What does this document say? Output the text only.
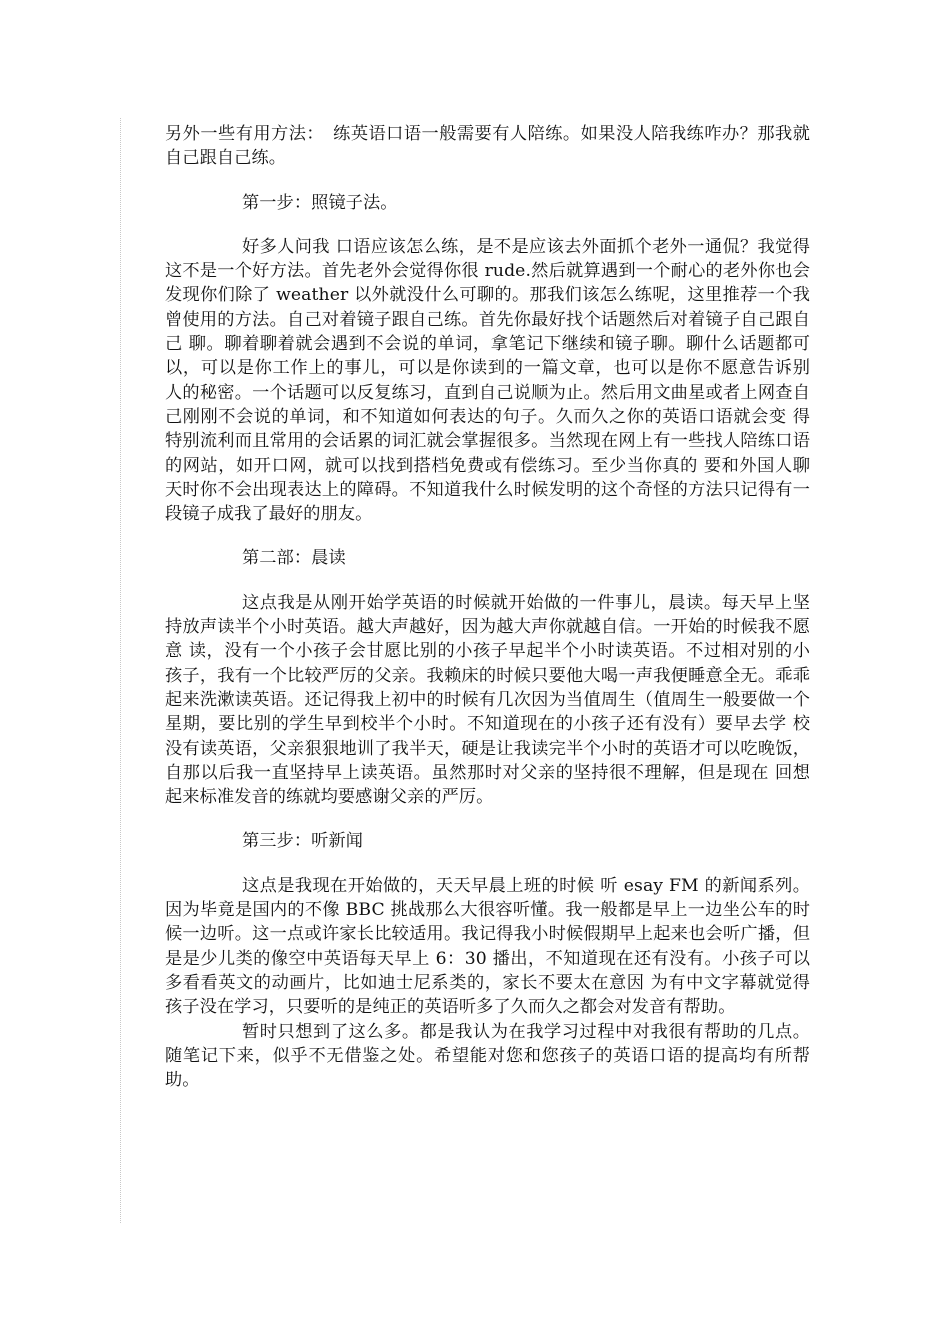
另外一些有用方法：　练英语口语一般需要有人陪练。如果没人陪我练咋办？那我就自己跟自己练。

第一步：照镜子法。

好多人问我 口语应该怎么练，是不是应该去外面抓个老外一通侃？我觉得这不是一个好方法。首先老外会觉得你很 rude.然后就算遇到一个耐心的老外你也会发现你们除了 weather 以外就没什么可聊的。那我们该怎么练呢，这里推荐一个我曾使用的方法。自己对着镜子跟自己练。首先你最好找个话题然后对着镜子自己跟自己 聊。聊着聊着就会遇到不会说的单词，拿笔记下继续和镜子聊。聊什么话题都可以，可以是你工作上的事儿，可以是你读到的一篇文章，也可以是你不愿意告诉别 人的秘密。一个话题可以反复练习，直到自己说顺为止。然后用文曲星或者上网查自己刚刚不会说的单词，和不知道如何表达的句子。久而久之你的英语口语就会变 得特别流利而且常用的会话累的词汇就会掌握很多。当然现在网上有一些找人陪练口语的网站，如开口网，就可以找到搭档免费或有偿练习。至少当你真的 要和外国人聊天时你不会出现表达上的障碍。不知道我什么时候发明的这个奇怪的方法只记得有一段镜子成我了最好的朋友。

第二部：晨读

这点我是从刚开始学英语的时候就开始做的一件事儿，晨读。每天早上坚持放声读半个小时英语。越大声越好，因为越大声你就越自信。一开始的时候我不愿意 读，没有一个小孩子会甘愿比别的小孩子早起半个小时读英语。不过相对别的小孩子，我有一个比较严厉的父亲。我赖床的时候只要他大喝一声我便睡意全无。乖乖 起来洗漱读英语。还记得我上初中的时候有几次因为当值周生（值周生一般要做一个星期，要比别的学生早到校半个小时。不知道现在的小孩子还有没有）要早去学 校没有读英语，父亲狠狠地训了我半天，硬是让我读完半个小时的英语才可以吃晚饭，自那以后我一直坚持早上读英语。虽然那时对父亲的坚持很不理解，但是现在 回想起来标准发音的练就均要感谢父亲的严厉。

第三步：听新闻

这点是我现在开始做的，天天早晨上班的时候 听 esay FM 的新闻系列。因为毕竟是国内的不像 BBC 挑战那么大很容听懂。我一般都是早上一边坐公车的时候一边听。这一点或许家长比较适用。我记得我小时候假期早上起来也会听广播，但是是少儿类的像空中英语每天早上 6：30 播出，不知道现在还有没有。小孩子可以多看看英文的动画片，比如迪士尼系类的，家长不要太在意因 为有中文字幕就觉得孩子没在学习，只要听的是纯正的英语听多了久而久之都会对发音有帮助。

暂时只想到了这么多。都是我认为在我学习过程中对我很有帮助的几点。随笔记下来，似乎不无借鉴之处。希望能对您和您孩子的英语口语的提高均有所帮助。
